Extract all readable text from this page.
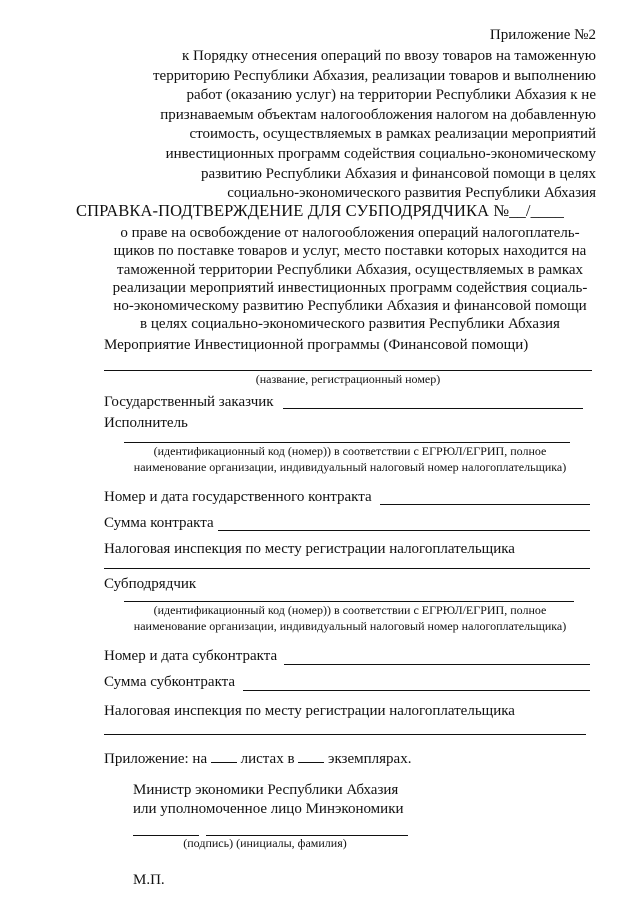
Приложение №2
к Порядку отнесения операций по ввозу товаров на таможенную
территорию Республики Абхазия, реализации товаров и выполнению
работ (оказанию услуг) на территории Республики Абхазия к не
признаваемым объектам налогообложения налогом на добавленную
стоимость, осуществляемых в рамках реализации мероприятий
инвестиционных программ содействия социально-экономическому
развитию Республики Абхазия и финансовой помощи в целях
социально-экономического развития Республики Абхазия
СПРАВКА-ПОДТВЕРЖДЕНИЕ ДЛЯ СУБПОДРЯДЧИКА №__/____
о праве на освобождение от налогообложения операций налогоплатель-
щиков по поставке товаров и услуг, место поставки которых находится на
таможенной территории Республики Абхазия, осуществляемых в рамках
реализации мероприятий инвестиционных программ содействия социаль-
но-экономическому развитию Республики Абхазия и финансовой помощи
в целях социально-экономического развития Республики Абхазия
Мероприятие Инвестиционной программы (Финансовой помощи)
(название, регистрационный номер)
Государственный заказчик
Исполнитель
(идентификационный код (номер)) в соответствии с ЕГРЮЛ/ЕГРИП, полное
наименование организации, индивидуальный налоговый номер налогоплательщика)
Номер и дата государственного контракта
Сумма контракта
Налоговая инспекция по месту регистрации налогоплательщика
Субподрядчик
(идентификационный код (номер)) в соответствии с ЕГРЮЛ/ЕГРИП, полное
наименование организации, индивидуальный налоговый номер налогоплательщика)
Номер и дата субконтракта
Сумма субконтракта
Налоговая инспекция по месту регистрации налогоплательщика
Приложение: на листах в экземплярах.
Министр экономики Республики Абхазия
или уполномоченное лицо Минэкономики
(подпись) (инициалы, фамилия)
М.П.
